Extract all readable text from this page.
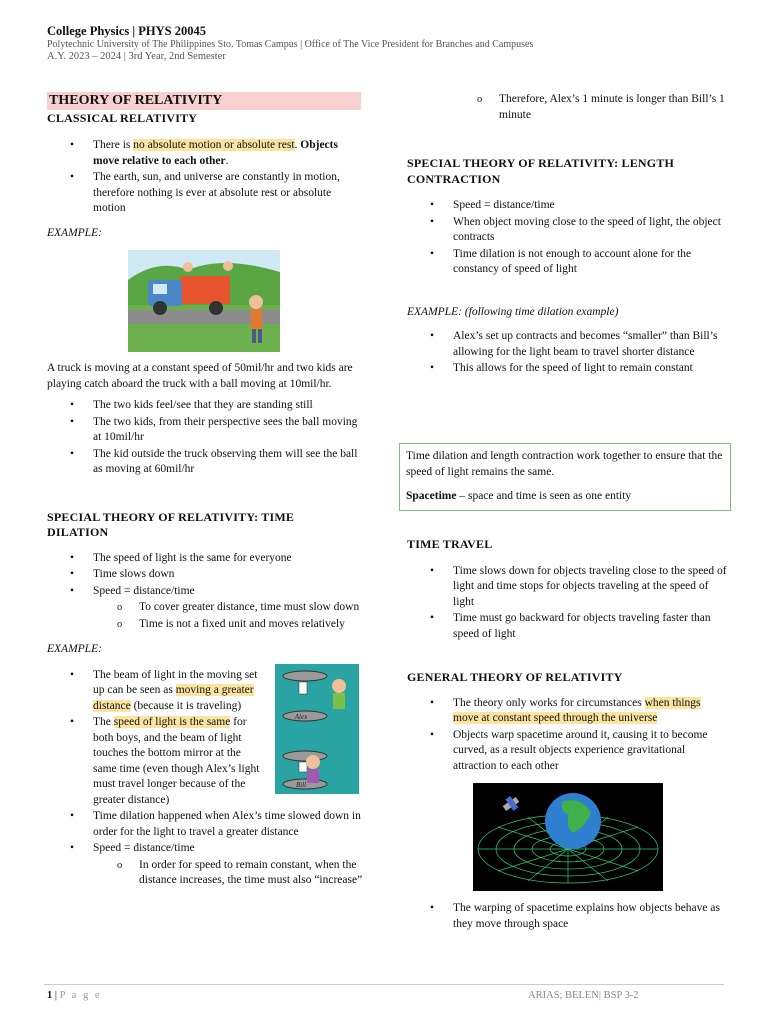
College Physics | PHYS 20045
Polytechnic University of The Philippines Sto. Tomas Campus | Office of The Vice President for Branches and Campuses
A.Y. 2023 – 2024 | 3rd Year, 2nd Semester
THEORY OF RELATIVITY
CLASSICAL RELATIVITY
• There is no absolute motion or absolute rest. Objects move relative to each other.
• The earth, sun, and universe are constantly in motion, therefore nothing is ever at absolute rest or absolute motion
EXAMPLE:
A truck is moving at a constant speed of 50mil/hr and two kids are playing catch aboard the truck with a ball moving at 10mil/hr.
• The two kids feel/see that they are standing still
• The two kids, from their perspective sees the ball moving at 10mil/hr
• The kid outside the truck observing them will see the ball as moving at 60mil/hr
SPECIAL THEORY OF RELATIVITY: TIME DILATION
• The speed of light is the same for everyone
• Time slows down
• Speed = distance/time
o To cover greater distance, time must slow down
o Time is not a fixed unit and moves relatively
EXAMPLE:
• The beam of light in the moving set up can be seen as moving a greater distance (because it is traveling)
• The speed of light is the same for both boys, and the beam of light touches the bottom mirror at the same time (even though Alex’s light must travel longer because of the greater distance)
Alex
Bill
• Time dilation happened when Alex’s time slowed down in order for the light to travel a greater distance
• Speed = distance/time
o In order for speed to remain constant, when the distance increases, the time must also “increase”
o Therefore, Alex’s 1 minute is longer than Bill’s 1 minute
SPECIAL THEORY OF RELATIVITY: LENGTH CONTRACTION
• Speed = distance/time
• When object moving close to the speed of light, the object contracts
• Time dilation is not enough to account alone for the constancy of speed of light
EXAMPLE: (following time dilation example)
• Alex’s set up contracts and becomes “smaller” than Bill’s allowing for the light beam to travel shorter distance
• This allows for the speed of light to remain constant
Time dilation and length contraction work together to ensure that the speed of light remains the same.
Spacetime – space and time is seen as one entity
TIME TRAVEL
• Time slows down for objects traveling close to the speed of light and time stops for objects traveling at the speed of light
• Time must go backward for objects traveling faster than speed of light
GENERAL THEORY OF RELATIVITY
• The theory only works for circumstances when things move at constant speed through the universe
• Objects warp spacetime around it, causing it to become curved, as a result objects experience gravitational attraction to each other
• The warping of spacetime explains how objects behave as they move through space
1 | P a g e	ARIAS; BELEN| BSP 3-2
